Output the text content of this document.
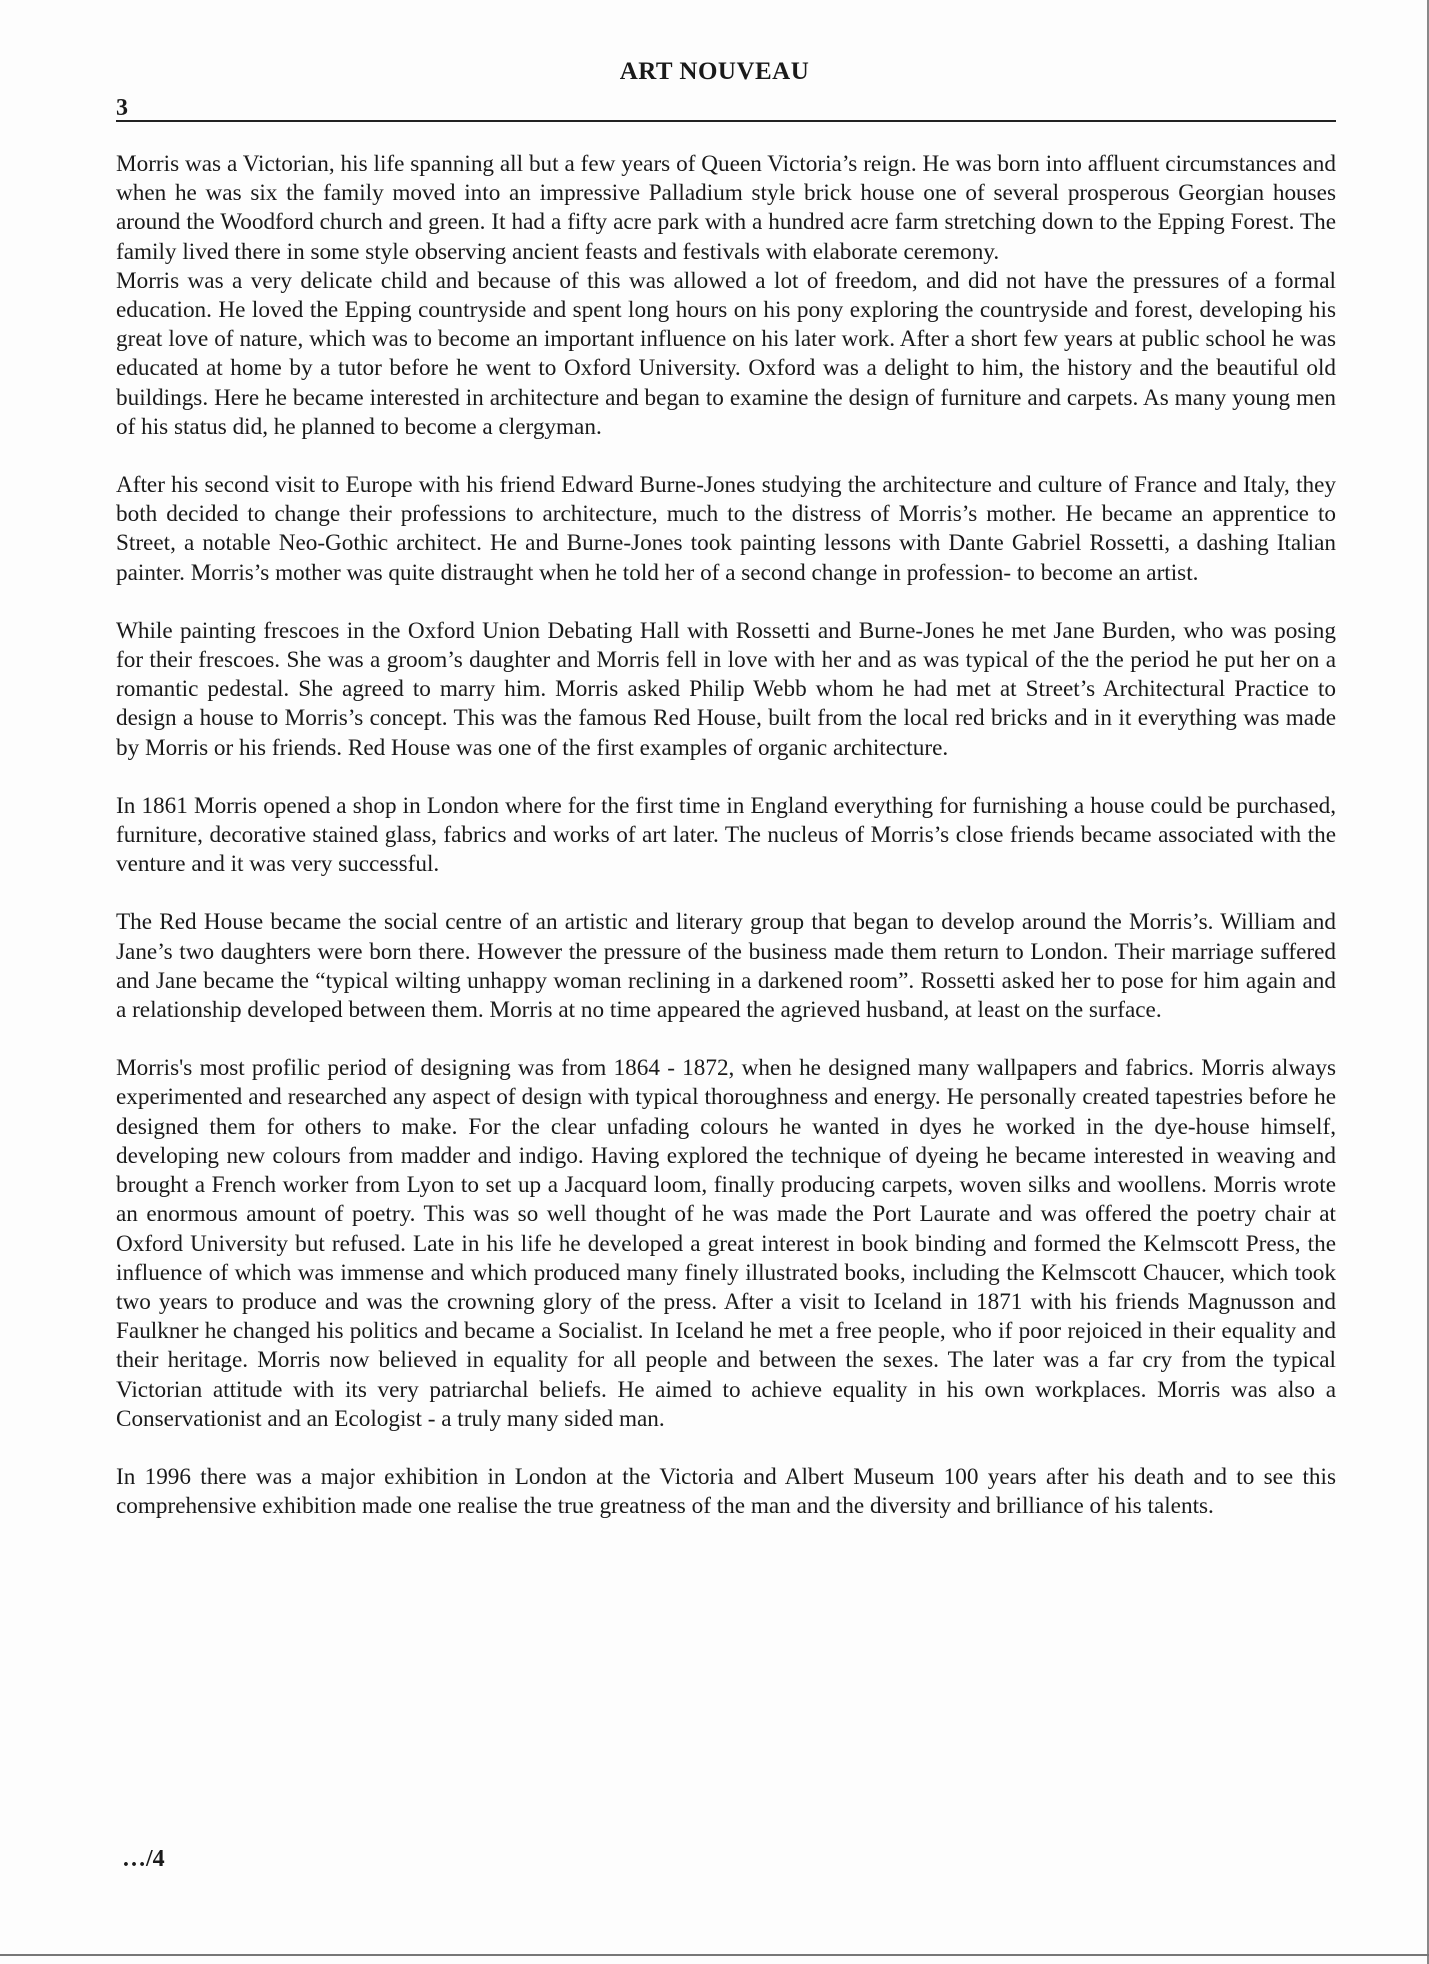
ART NOUVEAU
3

Morris was a Victorian, his life spanning all but a few years of Queen Victoria’s reign. He was born into affluent circumstances and when he was six the family moved into an impressive Palladium style brick house one of several prosperous Georgian houses around the Woodford church and green. It had a fifty acre park with a hundred acre farm stretching down to the Epping Forest. The family lived there in some style observing ancient feasts and festivals with elaborate ceremony.

Morris was a very delicate child and because of this was allowed a lot of freedom, and did not have the pressures of a formal education. He loved the Epping countryside and spent long hours on his pony exploring the countryside and forest, developing his great love of nature, which was to become an important influence on his later work. After a short few years at public school he was educated at home by a tutor before he went to Oxford University. Oxford was a delight to him, the history and the beautiful old buildings. Here he became interested in architecture and began to examine the design of furniture and carpets. As many young men of his status did, he planned to become a clergyman.

After his second visit to Europe with his friend Edward Burne-Jones studying the architecture and culture of France and Italy, they both decided to change their professions to architecture, much to the distress of Morris’s mother. He became an apprentice to Street, a notable Neo-Gothic architect. He and Burne-Jones took painting lessons with Dante Gabriel Rossetti, a dashing Italian painter. Morris’s mother was quite distraught when he told her of a second change in profession- to become an artist.

While painting frescoes in the Oxford Union Debating Hall with Rossetti and Burne-Jones he met Jane Burden, who was posing for their frescoes. She was a groom’s daughter and Morris fell in love with her and as was typical of the the period he put her on a romantic pedestal. She agreed to marry him. Morris asked Philip Webb whom he had met at Street’s Architectural Practice to design a house to Morris’s concept. This was the famous Red House, built from the local red bricks and in it everything was made by Morris or his friends. Red House was one of the first examples of organic architecture.

In 1861 Morris opened a shop in London where for the first time in England everything for furnishing a house could be purchased, furniture, decorative stained glass, fabrics and works of art later. The nucleus of Morris’s close friends became associated with the venture and it was very successful.

The Red House became the social centre of an artistic and literary group that began to develop around the Morris’s. William and Jane’s two daughters were born there. However the pressure of the business made them return to London. Their marriage suffered and Jane became the “typical wilting unhappy woman reclining in a darkened room”. Rossetti asked her to pose for him again and a relationship developed between them. Morris at no time appeared the agrieved husband, at least on the surface.

Morris's most profilic period of designing was from 1864 - 1872, when he designed many wallpapers and fabrics. Morris always experimented and researched any aspect of design with typical thoroughness and energy. He personally created tapestries before he designed them for others to make. For the clear unfading colours he wanted in dyes he worked in the dye-house himself, developing new colours from madder and indigo. Having explored the technique of dyeing he became interested in weaving and brought a French worker from Lyon to set up a Jacquard loom, finally producing carpets, woven silks and woollens. Morris wrote an enormous amount of poetry. This was so well thought of he was made the Port Laurate and was offered the poetry chair at Oxford University but refused. Late in his life he developed a great interest in book binding and formed the Kelmscott Press, the influence of which was immense and which produced many finely illustrated books, including the Kelmscott Chaucer, which took two years to produce and was the crowning glory of the press. After a visit to Iceland in 1871 with his friends Magnusson and Faulkner he changed his politics and became a Socialist. In Iceland he met a free people, who if poor rejoiced in their equality and their heritage. Morris now believed in equality for all people and between the sexes. The later was a far cry from the typical Victorian attitude with its very patriarchal beliefs. He aimed to achieve equality in his own workplaces. Morris was also a Conservationist and an Ecologist - a truly many sided man.

In 1996 there was a major exhibition in London at the Victoria and Albert Museum 100 years after his death and to see this comprehensive exhibition made one realise the true greatness of the man and the diversity and brilliance of his talents.

…/4
